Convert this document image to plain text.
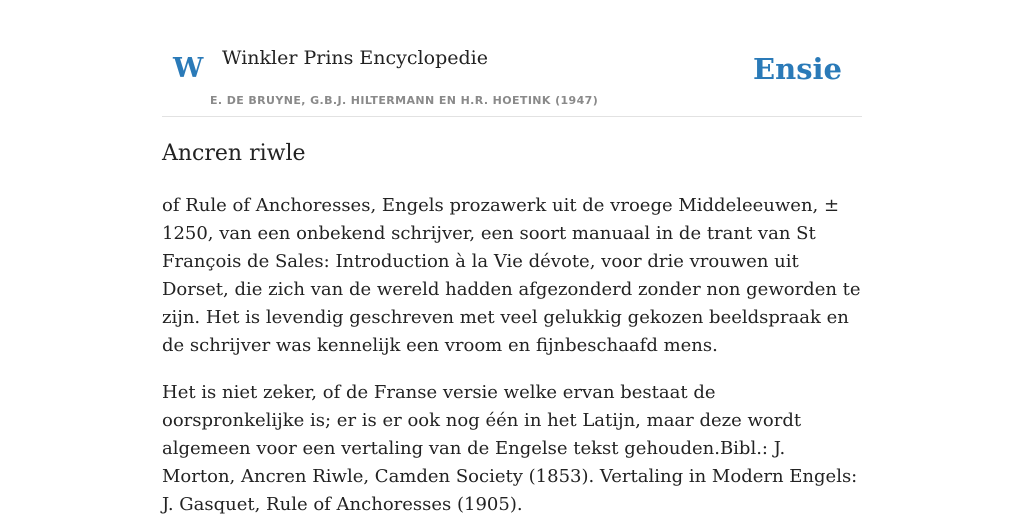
W Winkler Prins Encyclopedie
E. DE BRUYNE, G.B.J. HILTERMANN EN H.R. HOETINK (1947)
Ensie
Ancren riwle

of Rule of Anchoresses, Engels prozawerk uit de vroege Middeleeuwen, ± 1250, van een onbekend schrijver, een soort manuaal in de trant van St François de Sales: Introduction à la Vie dévote, voor drie vrouwen uit Dorset, die zich van de wereld hadden afgezonderd zonder non geworden te zijn. Het is levendig geschreven met veel gelukkig gekozen beeldspraak en de schrijver was kennelijk een vroom en fijnbeschaafd mens.

Het is niet zeker, of de Franse versie welke ervan bestaat de oorspronkelijke is; er is er ook nog één in het Latijn, maar deze wordt algemeen voor een vertaling van de Engelse tekst gehouden.Bibl.: J. Morton, Ancren Riwle, Camden Society (1853). Vertaling in Modern Engels: J. Gasquet, Rule of Anchoresses (1905).
